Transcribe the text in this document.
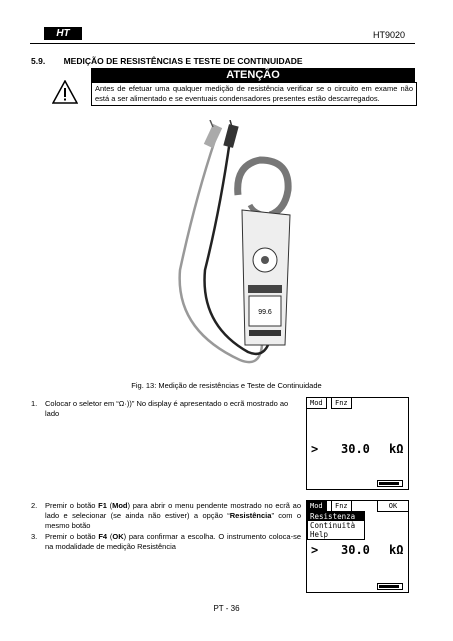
HT	HT9020
5.9. MEDIÇÃO DE RESISTÊNCIAS E TESTE DE CONTINUIDADE
ATENÇÃO
Antes de efetuar uma qualquer medição de resistência verificar se o circuito em exame não está a ser alimentado e se eventuais condensadores presentes estão descarregados.
99.6
Fig. 13: Medição de resistências e Teste de Continuidade
1. Colocar o seletor em “Ω·))” No display é apresentado o ecrã mostrado ao lado
Mod	Fnz
> 30.0 kΩ
2. Premir o botão F1 (Mod) para abrir o menu pendente mostrado no ecrã ao lado e selecionar (se ainda não estiver) a opção “Resistência” com o mesmo botão
3. Premir o botão F4 (OK) para confirmar a escolha. O instrumento coloca-se na modalidade de medição Resistência
Mod	Fnz	OK
Resistenza
Continuità
Help
> 30.0 kΩ
PT - 36
